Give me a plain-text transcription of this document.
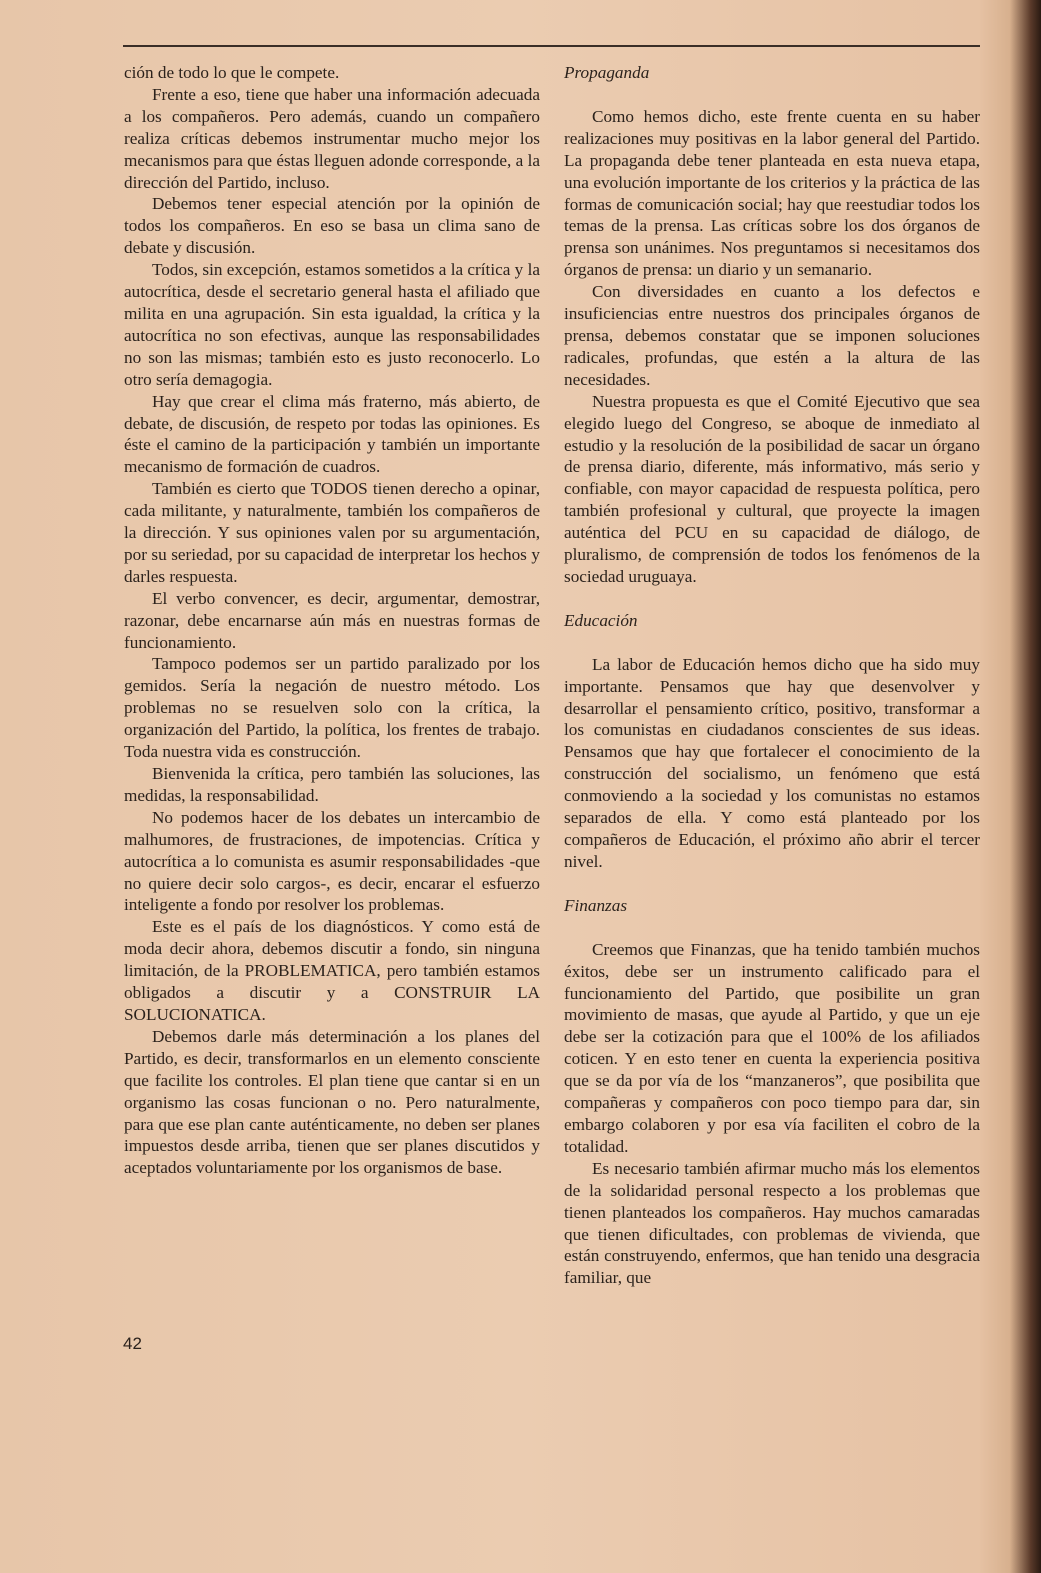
ción de todo lo que le compete.

Frente a eso, tiene que haber una información adecuada a los compañeros. Pero además, cuando un compañero realiza críticas debemos instrumentar mucho mejor los mecanismos para que éstas lleguen adonde corresponde, a la dirección del Partido, incluso.

Debemos tener especial atención por la opinión de todos los compañeros. En eso se basa un clima sano de debate y discusión.

Todos, sin excepción, estamos sometidos a la crítica y la autocrítica, desde el secretario general hasta el afiliado que milita en una agrupación. Sin esta igualdad, la crítica y la autocrítica no son efectivas, aunque las responsabilidades no son las mismas; también esto es justo reconocerlo. Lo otro sería demagogia.

Hay que crear el clima más fraterno, más abierto, de debate, de discusión, de respeto por todas las opiniones. Es éste el camino de la participación y también un importante mecanismo de formación de cuadros.

También es cierto que TODOS tienen derecho a opinar, cada militante, y naturalmente, también los compañeros de la dirección. Y sus opiniones valen por su argumentación, por su seriedad, por su capacidad de interpretar los hechos y darles respuesta.

El verbo convencer, es decir, argumentar, demostrar, razonar, debe encarnarse aún más en nuestras formas de funcionamiento.

Tampoco podemos ser un partido paralizado por los gemidos. Sería la negación de nuestro método. Los problemas no se resuelven solo con la crítica, la organización del Partido, la política, los frentes de trabajo. Toda nuestra vida es construcción.

Bienvenida la crítica, pero también las soluciones, las medidas, la responsabilidad.

No podemos hacer de los debates un intercambio de malhumores, de frustraciones, de impotencias. Crítica y autocrítica a lo comunista es asumir responsabilidades -que no quiere decir solo cargos-, es decir, encarar el esfuerzo inteligente a fondo por resolver los problemas.

Este es el país de los diagnósticos. Y como está de moda decir ahora, debemos discutir a fondo, sin ninguna limitación, de la PROBLEMATICA, pero también estamos obligados a discutir y a CONSTRUIR LA SOLUCIONATICA.

Debemos darle más determinación a los planes del Partido, es decir, transformarlos en un elemento consciente que facilite los controles. El plan tiene que cantar si en un organismo las cosas funcionan o no. Pero naturalmente, para que ese plan cante auténticamente, no deben ser planes impuestos desde arriba, tienen que ser planes discutidos y aceptados voluntariamente por los organismos de base.

Propaganda

Como hemos dicho, este frente cuenta en su haber realizaciones muy positivas en la labor general del Partido. La propaganda debe tener planteada en esta nueva etapa, una evolución importante de los criterios y la práctica de las formas de comunicación social; hay que reestudiar todos los temas de la prensa. Las críticas sobre los dos órganos de prensa son unánimes. Nos preguntamos si necesitamos dos órganos de prensa: un diario y un semanario.

Con diversidades en cuanto a los defectos e insuficiencias entre nuestros dos principales órganos de prensa, debemos constatar que se imponen soluciones radicales, profundas, que estén a la altura de las necesidades.

Nuestra propuesta es que el Comité Ejecutivo que sea elegido luego del Congreso, se aboque de inmediato al estudio y la resolución de la posibilidad de sacar un órgano de prensa diario, diferente, más informativo, más serio y confiable, con mayor capacidad de respuesta política, pero también profesional y cultural, que proyecte la imagen auténtica del PCU en su capacidad de diálogo, de pluralismo, de comprensión de todos los fenómenos de la sociedad uruguaya.

Educación

La labor de Educación hemos dicho que ha sido muy importante. Pensamos que hay que desenvolver y desarrollar el pensamiento crítico, positivo, transformar a los comunistas en ciudadanos conscientes de sus ideas. Pensamos que hay que fortalecer el conocimiento de la construcción del socialismo, un fenómeno que está conmoviendo a la sociedad y los comunistas no estamos separados de ella. Y como está planteado por los compañeros de Educación, el próximo año abrir el tercer nivel.

Finanzas

Creemos que Finanzas, que ha tenido también muchos éxitos, debe ser un instrumento calificado para el funcionamiento del Partido, que posibilite un gran movimiento de masas, que ayude al Partido, y que un eje debe ser la cotización para que el 100% de los afiliados coticen. Y en esto tener en cuenta la experiencia positiva que se da por vía de los “manzaneros”, que posibilita que compañeras y compañeros con poco tiempo para dar, sin embargo colaboren y por esa vía faciliten el cobro de la totalidad.

Es necesario también afirmar mucho más los elementos de la solidaridad personal respecto a los problemas que tienen planteados los compañeros. Hay muchos camaradas que tienen dificultades, con problemas de vivienda, que están construyendo, enfermos, que han tenido una desgracia familiar, que

42
